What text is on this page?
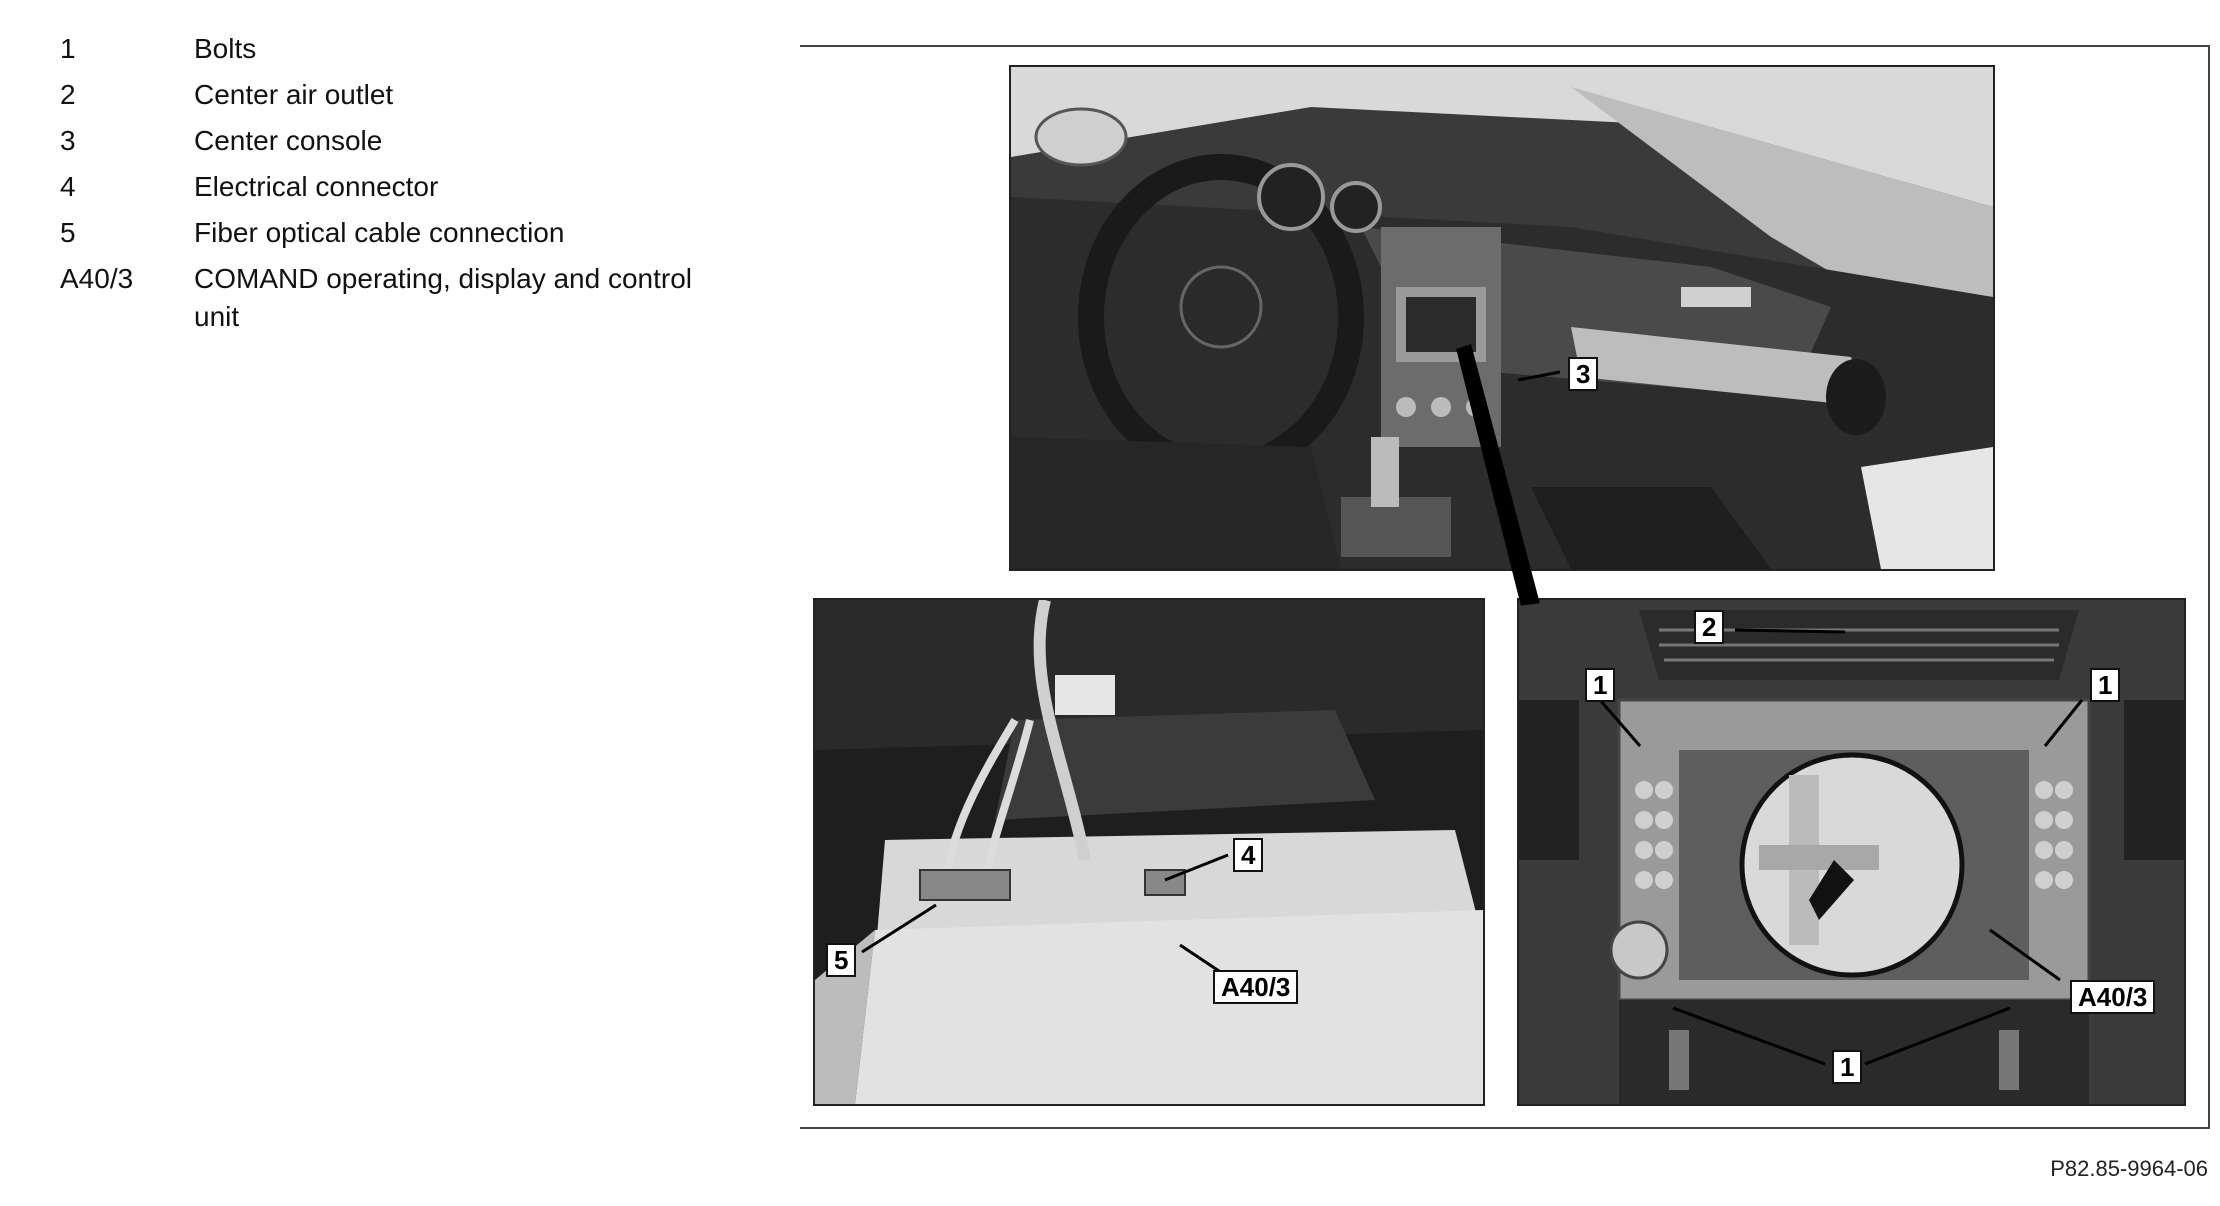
1	Bolts
2	Center air outlet
3	Center console
4	Electrical connector
5	Fiber optical cable connection
A40/3	COMAND operating, display and control unit
3
4
5
A40/3
2
1	1
1
A40/3
P82.85-9964-06
